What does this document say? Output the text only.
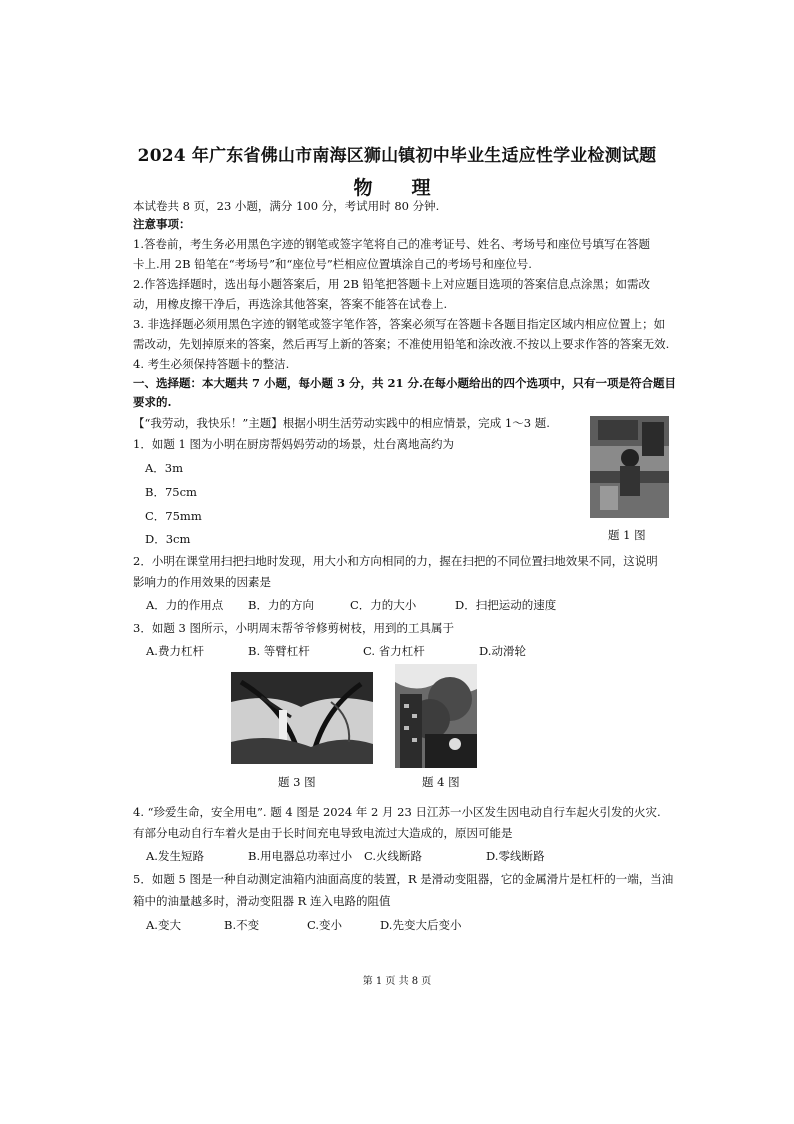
2024 年广东省佛山市南海区狮山镇初中毕业生适应性学业检测试题
物　理
本试卷共 8 页，23 小题，满分 100 分，考试用时 80 分钟.
注意事项：
1.答卷前，考生务必用黑色字迹的钢笔或签字笔将自己的准考证号、姓名、考场号和座位号填写在答题
卡上.用 2B 铅笔在“考场号”和“座位号”栏相应位置填涂自己的考场号和座位号.
2.作答选择题时，选出每小题答案后，用 2B 铅笔把答题卡上对应题目选项的答案信息点涂黑；如需改
动，用橡皮擦干净后，再选涂其他答案，答案不能答在试卷上.
3. 非选择题必须用黑色字迹的钢笔或签字笔作答，答案必须写在答题卡各题目指定区域内相应位置上；如
需改动，先划掉原来的答案，然后再写上新的答案；不准使用铅笔和涂改液.不按以上要求作答的答案无效.
4. 考生必须保持答题卡的整洁.
一、选择题：本大题共 7 小题，每小题 3 分，共 21 分.在每小题给出的四个选项中，只有一项是符合题目
要求的.
【“我劳动，我快乐！”主题】根据小明生活劳动实践中的相应情景，完成 1～3 题.
1．如题 1 图为小明在厨房帮妈妈劳动的场景，灶台离地高约为
A．3m
B．75cm
C．75mm
D．3cm	题 1 图
2．小明在课堂用扫把扫地时发现，用大小和方向相同的力，握在扫把的不同位置扫地效果不同，这说明
影响力的作用效果的因素是
A．力的作用点 B．力的方向	C．力的大小	D．扫把运动的速度
3．如题 3 图所示，小明周末帮爷爷修剪树枝，用到的工具属于
A.费力杠杆	B. 等臂杠杆	C. 省力杠杆	D.动滑轮
题 3 图	题 4 图
4. “珍爱生命，安全用电”. 题 4 图是 2024 年 2 月 23 日江苏一小区发生因电动自行车起火引发的火灾.
有部分电动自行车着火是由于长时间充电导致电流过大造成的，原因可能是
A.发生短路	B.用电器总功率过小 C.火线断路	D.零线断路
5．如题 5 图是一种自动测定油箱内油面高度的装置，R 是滑动变阻器，它的金属滑片是杠杆的一端，当油
箱中的油量越多时，滑动变阻器 R 连入电路的阻值
A.变大	B.不变	C.变小	D.先变大后变小
第 1 页 共 8 页
